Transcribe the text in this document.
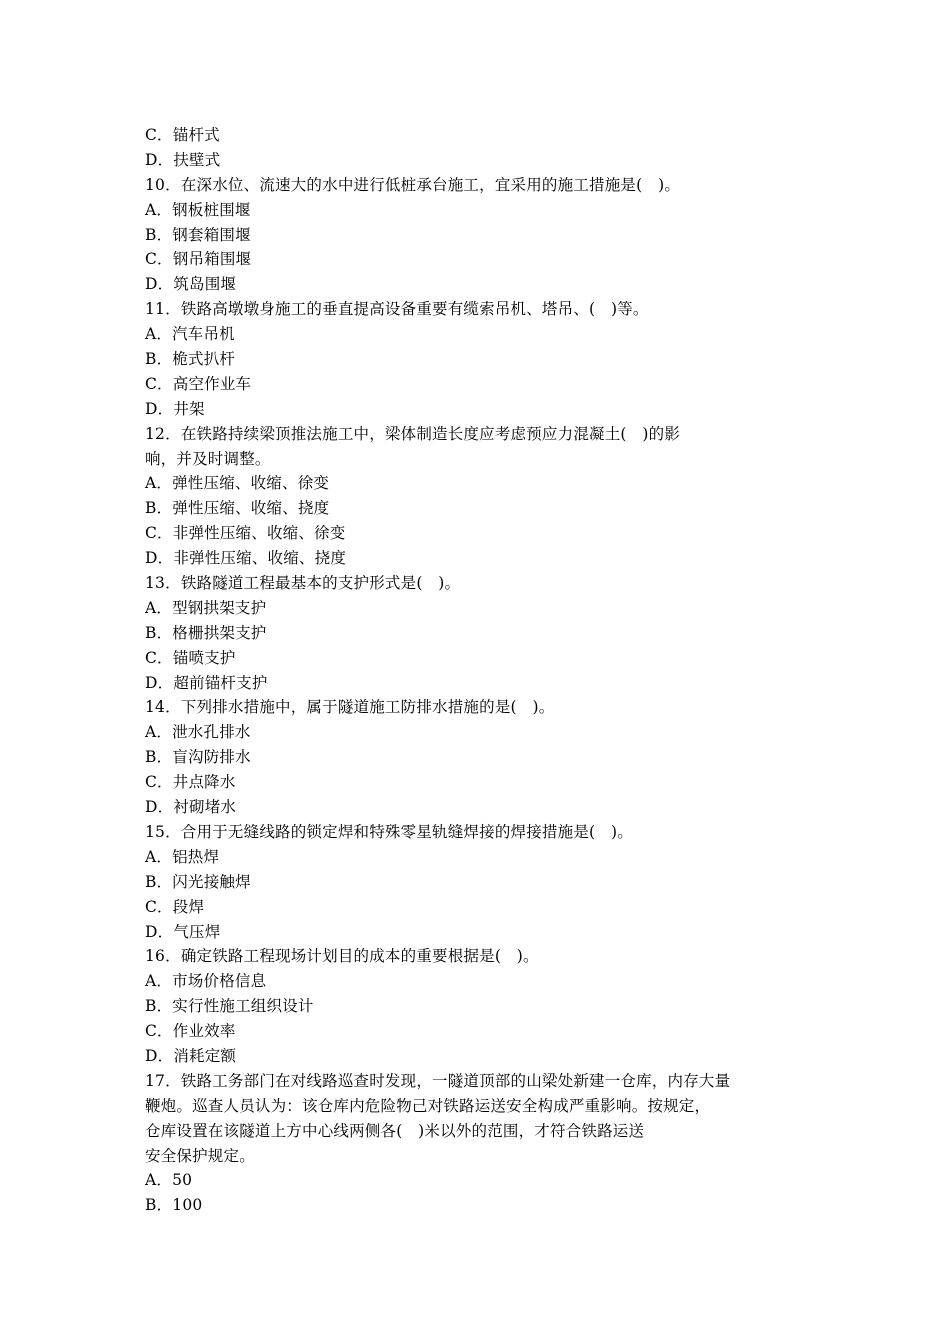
C．锚杆式
D．扶壁式
10．在深水位、流速大的水中进行低桩承台施工，宜采用的施工措施是(　)。
A．钢板桩围堰
B．钢套箱围堰
C．钢吊箱围堰
D．筑岛围堰
11．铁路高墩墩身施工的垂直提高设备重要有缆索吊机、塔吊、(　)等。
A．汽车吊机
B．桅式扒杆
C．高空作业车
D．井架
12．在铁路持续梁顶推法施工中，梁体制造长度应考虑预应力混凝土(　)的影
响，并及时调整。
A．弹性压缩、收缩、徐变
B．弹性压缩、收缩、挠度
C．非弹性压缩、收缩、徐变
D．非弹性压缩、收缩、挠度
13．铁路隧道工程最基本的支护形式是(　)。
A．型钢拱架支护
B．格栅拱架支护
C．锚喷支护
D．超前锚杆支护
14．下列排水措施中，属于隧道施工防排水措施的是(　)。
A．泄水孔排水
B．盲沟防排水
C．井点降水
D．衬砌堵水
15．合用于无缝线路的锁定焊和特殊零星轨缝焊接的焊接措施是(　)。
A．铝热焊
B．闪光接触焊
C．段焊
D．气压焊
16．确定铁路工程现场计划目的成本的重要根据是(　)。
A．市场价格信息
B．实行性施工组织设计
C．作业效率
D．消耗定额
17．铁路工务部门在对线路巡查时发现，一隧道顶部的山梁处新建一仓库，内存大量
鞭炮。巡查人员认为：该仓库内危险物己对铁路运送安全构成严重影响。按规定，
仓库设置在该隧道上方中心线两侧各(　)米以外的范围，才符合铁路运送
安全保护规定。
A．50
B．100
